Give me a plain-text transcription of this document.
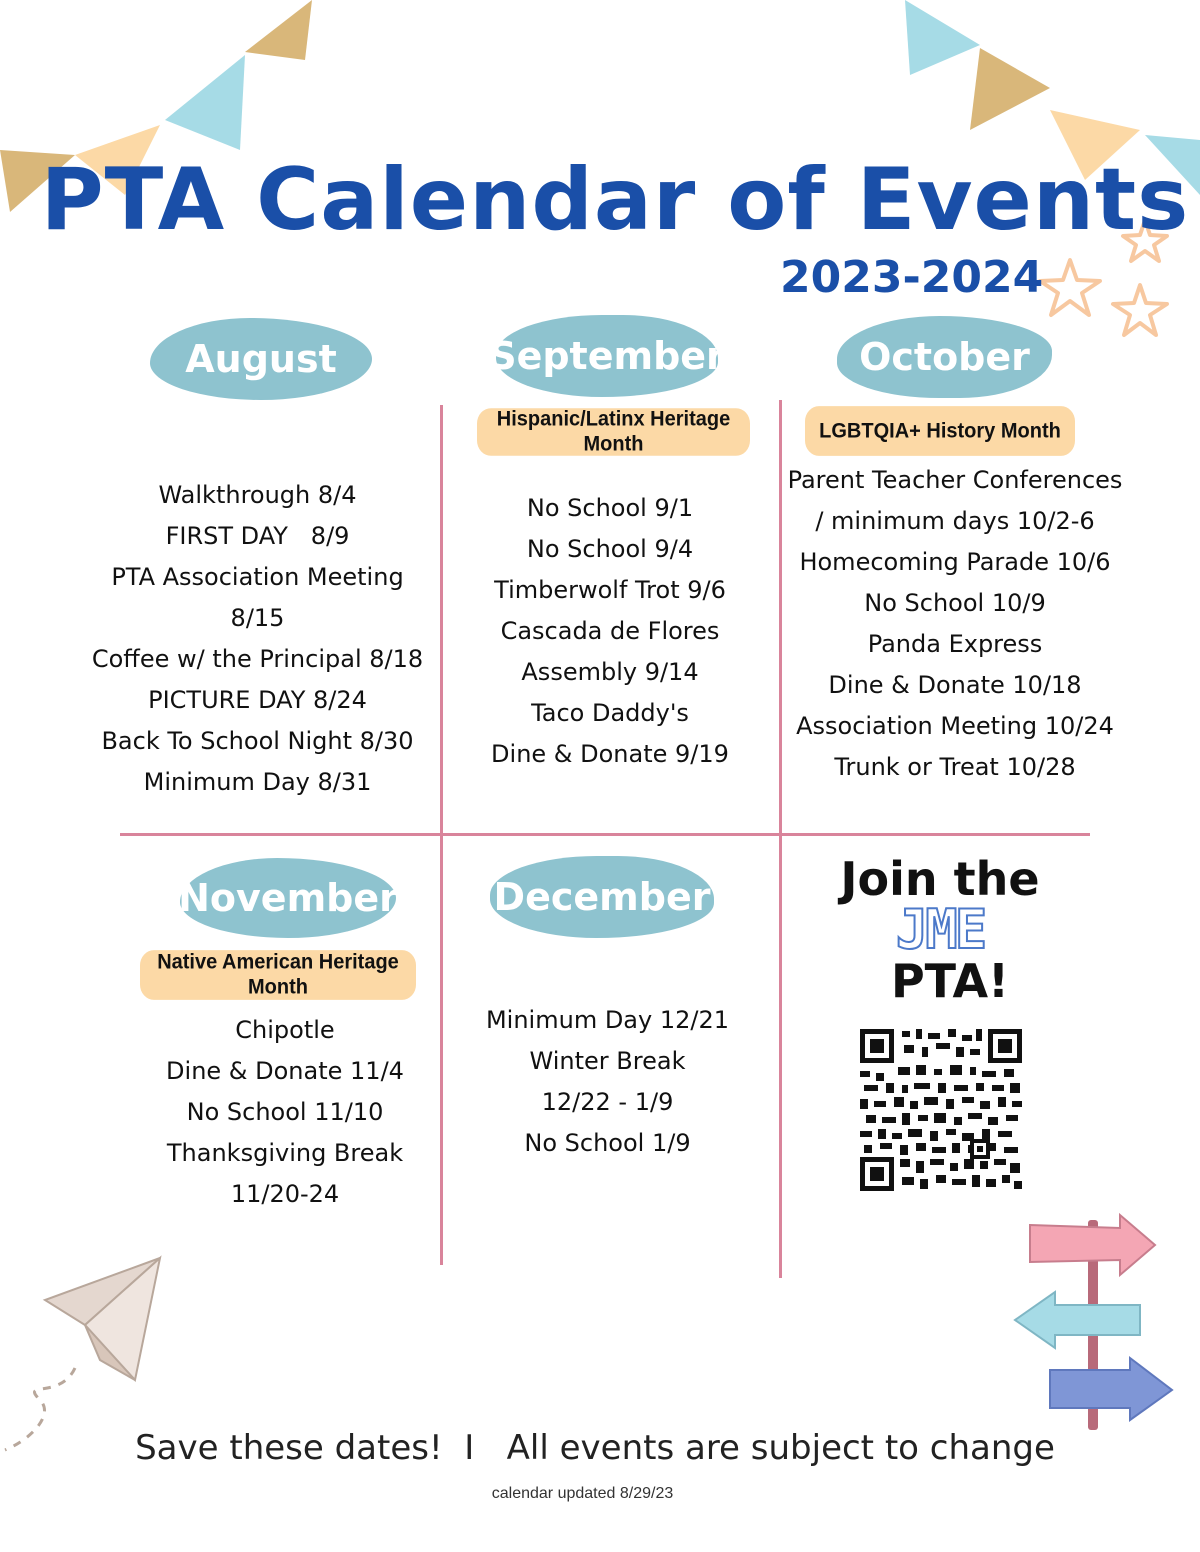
PTA Calendar of Events
2023-2024
August
Walkthrough 8/4
FIRST DAY   8/9
PTA Association Meeting
8/15
Coffee w/ the Principal 8/18
PICTURE DAY 8/24
Back To School Night 8/30
Minimum Day 8/31
September
Hispanic/Latinx Heritage Month
No School 9/1
No School 9/4
Timberwolf Trot 9/6
Cascada de Flores
Assembly 9/14
Taco Daddy's
Dine & Donate 9/19
October
LGBTQIA+ History Month
Parent Teacher Conferences
/ minimum days 10/2-6
Homecoming Parade 10/6
No School 10/9
Panda Express
Dine & Donate 10/18
Association Meeting 10/24
Trunk or Treat 10/28
November
Native American Heritage Month
Chipotle
Dine & Donate 11/4
No School 11/10
Thanksgiving Break
11/20-24
December
Minimum Day 12/21
Winter Break
12/22 - 1/9
No School 1/9
Join the
JME
PTA!
Save these dates!  I   All events are subject to change
calendar updated 8/29/23
